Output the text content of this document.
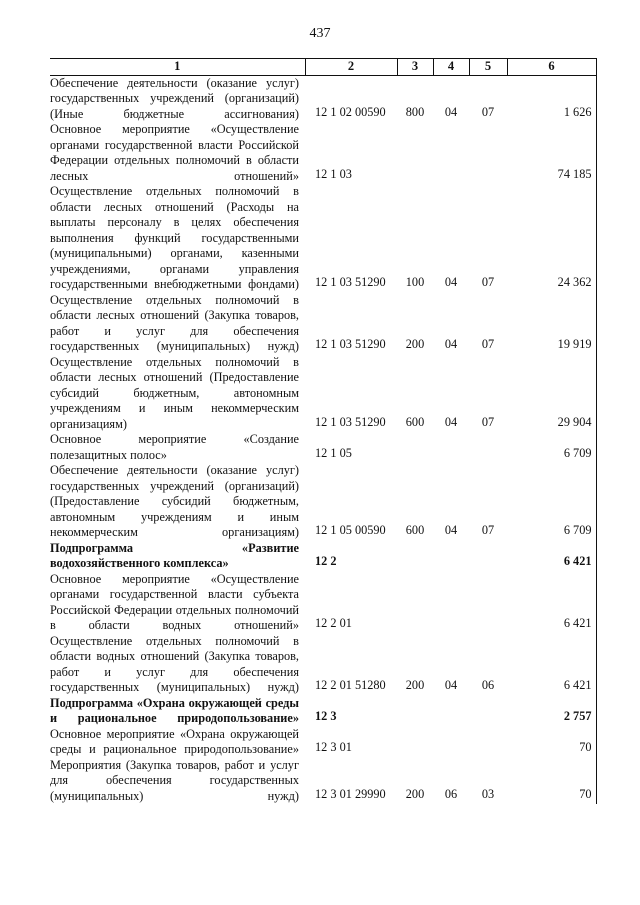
437
1	2	3	4	5	6
Обеспечение деятельности (оказание услуг) государственных учреждений (организаций) (Иные бюджетные ассигнования)	12 1 02 00590	800	04	07	1 626
Основное мероприятие «Осуществление органами государственной власти Российской Федерации отдельных полномочий в области лесных отношений»	12 1 03				74 185
Осуществление отдельных полномочий в области лесных отношений (Расходы на выплаты персоналу в целях обеспечения выполнения функций государственными (муниципальными) органами, казенными учреждениями, органами управления государственными внебюджетными фондами)	12 1 03 51290	100	04	07	24 362
Осуществление отдельных полномочий в области лесных отношений (Закупка товаров, работ и услуг для обеспечения государственных (муниципальных) нужд)	12 1 03 51290	200	04	07	19 919
Осуществление отдельных полномочий в области лесных отношений (Предоставление субсидий бюджетным, автономным учреждениям и иным некоммерческим организациям)	12 1 03 51290	600	04	07	29 904
Основное мероприятие «Создание полезащитных полос»	12 1 05				6 709
Обеспечение деятельности (оказание услуг) государственных учреждений (организаций) (Предоставление субсидий бюджетным, автономным учреждениям и иным некоммерческим организациям)	12 1 05 00590	600	04	07	6 709
Подпрограмма «Развитие водохозяйственного комплекса»	12 2				6 421
Основное мероприятие «Осуществление органами государственной власти субъекта Российской Федерации отдельных полномочий в области водных отношений»	12 2 01				6 421
Осуществление отдельных полномочий в области водных отношений (Закупка товаров, работ и услуг для обеспечения государственных (муниципальных) нужд)	12 2 01 51280	200	04	06	6 421
Подпрограмма «Охрана окружающей среды и рациональное природопользование»	12 3				2 757
Основное мероприятие «Охрана окружающей среды и рациональное природопользование»	12 3 01				70
Мероприятия (Закупка товаров, работ и услуг для обеспечения государственных (муниципальных) нужд)	12 3 01 29990	200	06	03	70
